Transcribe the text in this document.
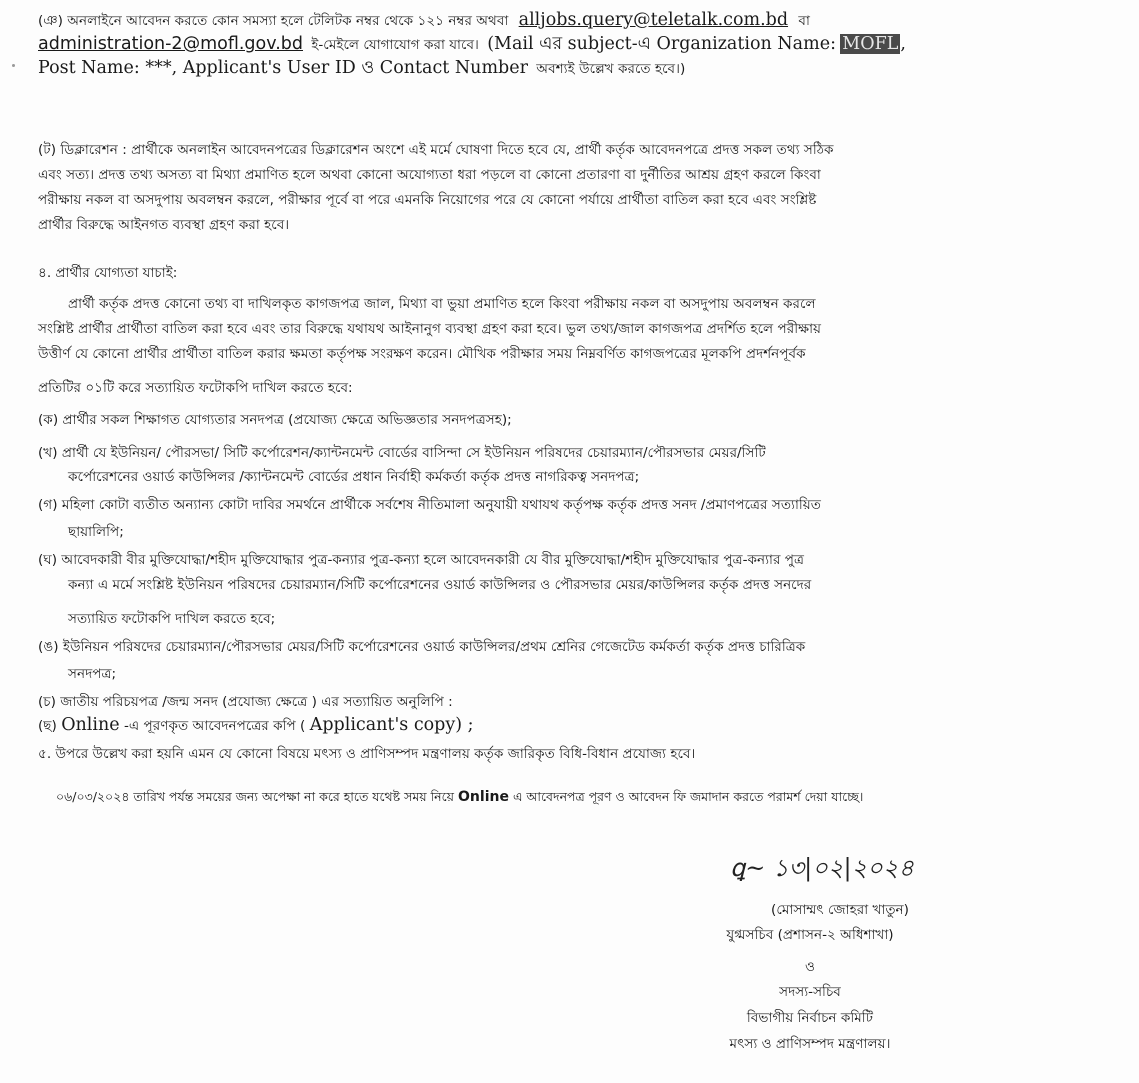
(ঞ) অনলাইনে আবেদন করতে কোন সমস্যা হলে টেলিটক নম্বর থেকে ১২১ নম্বর অথবা alljobs.query@teletalk.com.bd বা
administration-2@mofl.gov.bd ই-মেইলে যোগাযোগ করা যাবে। (Mail এর subject-এ Organization Name: MOFL ,
Post Name: ***, Applicant's User ID ও Contact Number অবশ্যই উল্লেখ করতে হবে।)
(ট) ডিক্লারেশন : প্রার্থীকে অনলাইন আবেদনপত্রের ডিক্লারেশন অংশে এই মর্মে ঘোষণা দিতে হবে যে, প্রার্থী কর্তৃক আবেদনপত্রে প্রদত্ত সকল তথ্য সঠিক
এবং সত্য। প্রদত্ত তথ্য অসত্য বা মিথ্যা প্রমাণিত হলে অথবা কোনো অযোগ্যতা ধরা পড়লে বা কোনো প্রতারণা বা দুর্নীতির আশ্রয় গ্রহণ করলে কিংবা
পরীক্ষায় নকল বা অসদুপায় অবলম্বন করলে, পরীক্ষার পূর্বে বা পরে এমনকি নিয়োগের পরে যে কোনো পর্যায়ে প্রার্থীতা বাতিল করা হবে এবং সংশ্লিষ্ট
প্রার্থীর বিরুদ্ধে আইনগত ব্যবস্থা গ্রহণ করা হবে।
৪. প্রার্থীর যোগ্যতা যাচাই:
প্রার্থী কর্তৃক প্রদত্ত কোনো তথ্য বা দাখিলকৃত কাগজপত্র জাল, মিথ্যা বা ভুয়া প্রমাণিত হলে কিংবা পরীক্ষায় নকল বা অসদুপায় অবলম্বন করলে
সংশ্লিষ্ট প্রার্থীর প্রার্থীতা বাতিল করা হবে এবং তার বিরুদ্ধে যথাযথ আইনানুগ ব্যবস্থা গ্রহণ করা হবে। ভুল তথ্য/জাল কাগজপত্র প্রদর্শিত হলে পরীক্ষায়
উত্তীর্ণ যে কোনো প্রার্থীর প্রার্থীতা বাতিল করার ক্ষমতা কর্তৃপক্ষ সংরক্ষণ করেন। মৌখিক পরীক্ষার সময় নিম্নবর্ণিত কাগজপত্রের মূলকপি প্রদর্শনপূর্বক
প্রতিটির ০১টি করে সত্যায়িত ফটোকপি দাখিল করতে হবে:
(ক) প্রার্থীর সকল শিক্ষাগত যোগ্যতার সনদপত্র (প্রযোজ্য ক্ষেত্রে অভিজ্ঞতার সনদপত্রসহ);
(খ) প্রার্থী যে ইউনিয়ন/ পৌরসভা/ সিটি কর্পোরেশন/ক্যান্টনমেন্ট বোর্ডের বাসিন্দা সে ইউনিয়ন পরিষদের চেয়ারম্যান/পৌরসভার মেয়র/সিটি
কর্পোরেশনের ওয়ার্ড কাউন্সিলর /ক্যান্টনমেন্ট বোর্ডের প্রধান নির্বাহী কর্মকর্তা কর্তৃক প্রদত্ত নাগরিকত্ব সনদপত্র;
(গ) মহিলা কোটা ব্যতীত অন্যান্য কোটা দাবির সমর্থনে প্রার্থীকে সর্বশেষ নীতিমালা অনুযায়ী যথাযথ কর্তৃপক্ষ কর্তৃক প্রদত্ত সনদ /প্রমাণপত্রের সত্যায়িত
ছায়ালিপি;
(ঘ) আবেদকারী বীর মুক্তিযোদ্ধা/শহীদ মুক্তিযোদ্ধার পুত্র-কন্যার পুত্র-কন্যা হলে আবেদনকারী যে বীর মুক্তিযোদ্ধা/শহীদ মুক্তিযোদ্ধার পুত্র-কন্যার পুত্র
কন্যা এ মর্মে সংশ্লিষ্ট ইউনিয়ন পরিষদের চেয়ারম্যান/সিটি কর্পোরেশনের ওয়ার্ড কাউন্সিলর ও পৌরসভার মেয়র/কাউন্সিলর কর্তৃক প্রদত্ত সনদের
সত্যায়িত ফটোকপি দাখিল করতে হবে;
(ঙ) ইউনিয়ন পরিষদের চেয়ারম্যান/পৌরসভার মেয়র/সিটি কর্পোরেশনের ওয়ার্ড কাউন্সিলর/প্রথম শ্রেনির গেজেটেড কর্মকর্তা কর্তৃক প্রদত্ত চারিত্রিক
সনদপত্র;
(চ) জাতীয় পরিচয়পত্র /জন্ম সনদ (প্রযোজ্য ক্ষেত্রে ) এর সত্যায়িত অনুলিপি :
(ছ) Online -এ পূরণকৃত আবেদনপত্রের কপি ( Applicant's copy) ;
৫. উপরে উল্লেখ করা হয়নি এমন যে কোনো বিষয়ে মৎস্য ও প্রাণিসম্পদ মন্ত্রণালয় কর্তৃক জারিকৃত বিধি-বিধান প্রযোজ্য হবে।
০৬/০৩/২০২৪ তারিখ পর্যন্ত সময়ের জন্য অপেক্ষা না করে হাতে যথেষ্ট সময় নিয়ে Online এ আবেদনপত্র পূরণ ও আবেদন ফি জমাদান করতে পরামর্শ দেয়া যাচ্ছে।
ꝗ~ ১৩|০২|২০২৪
(মোসাম্মৎ জোহরা খাতুন)
যুগ্মসচিব (প্রশাসন-২ অধিশাখা)
ও
সদস্য-সচিব
বিভাগীয় নির্বাচন কমিটি
মৎস্য ও প্রাণিসম্পদ মন্ত্রণালয়।
